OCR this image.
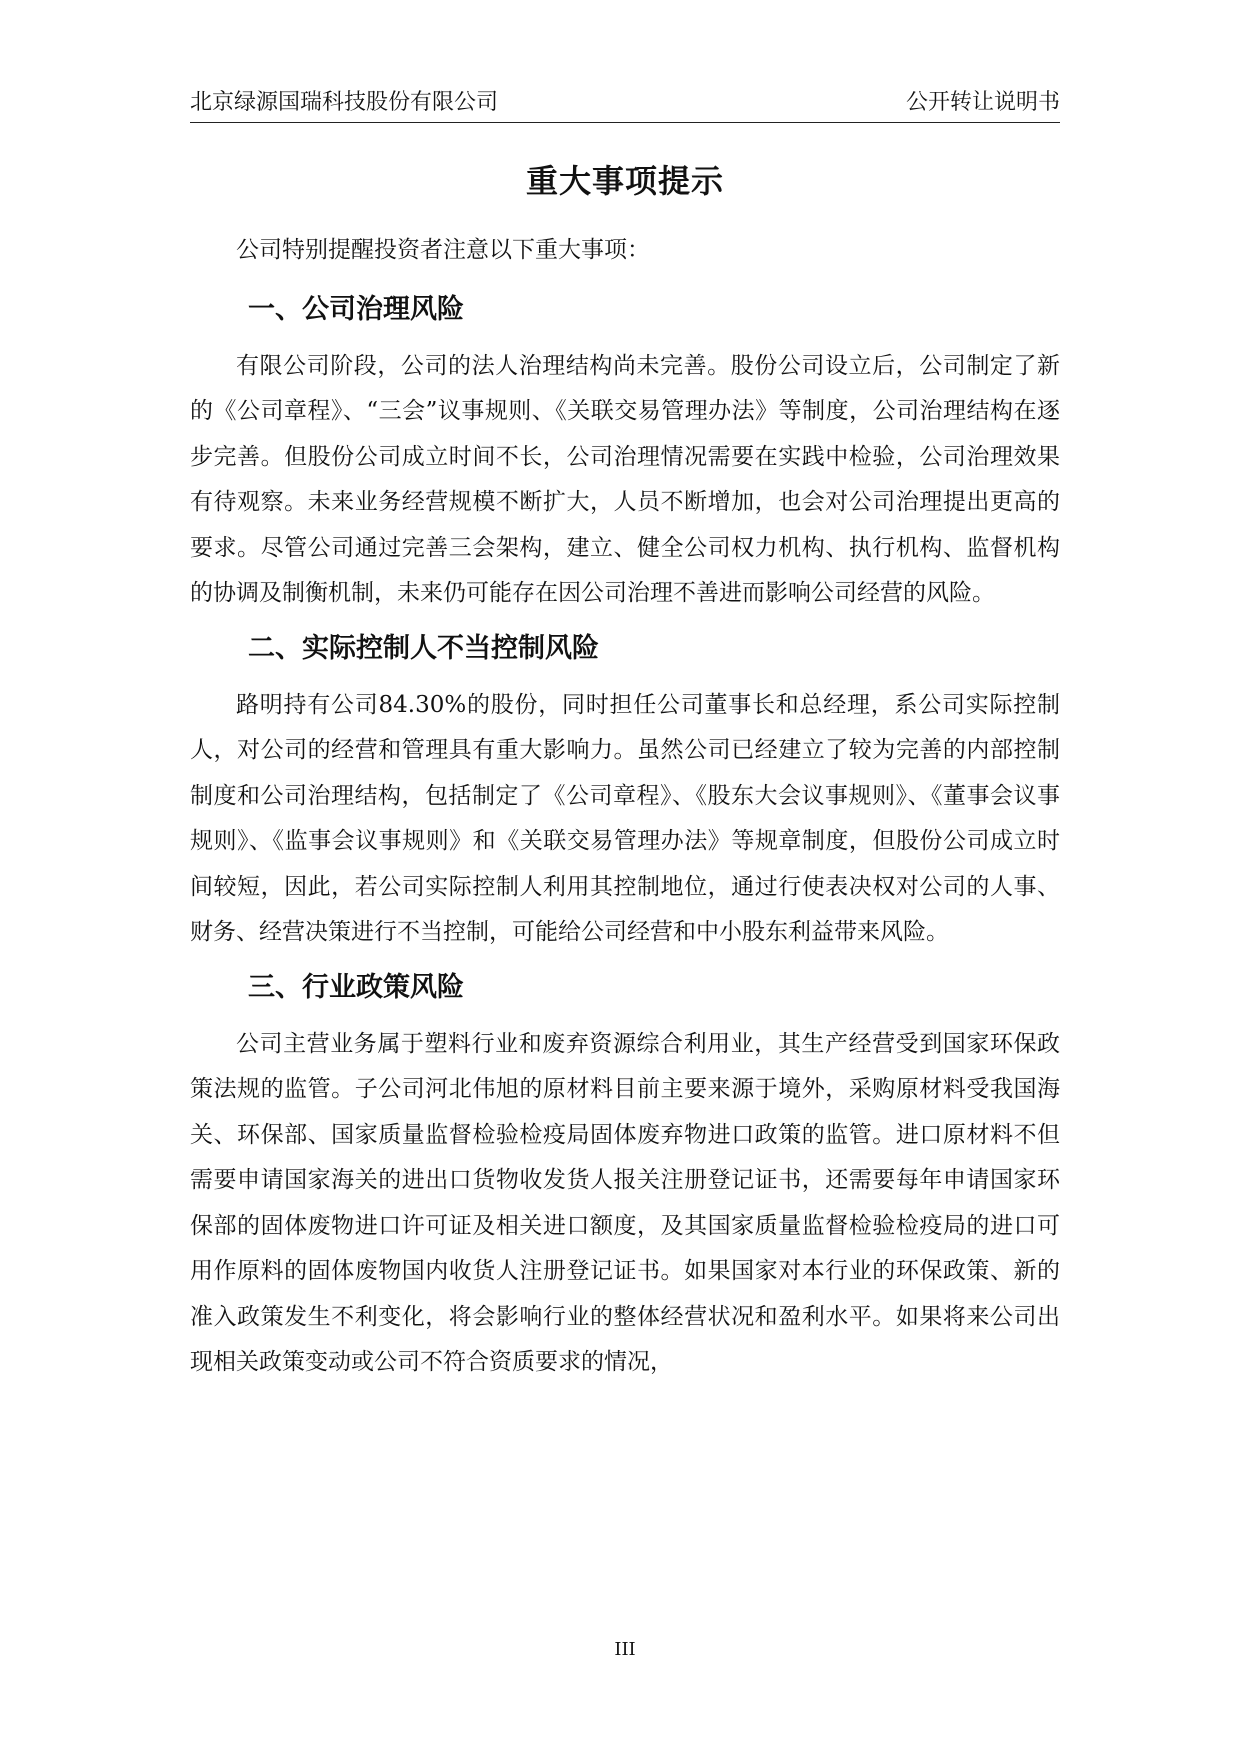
北京绿源国瑞科技股份有限公司	公开转让说明书
重大事项提示

公司特别提醒投资者注意以下重大事项：

一、公司治理风险

有限公司阶段，公司的法人治理结构尚未完善。股份公司设立后，公司制定了新的《公司章程》、“三会”议事规则、《关联交易管理办法》等制度，公司治理结构在逐步完善。但股份公司成立时间不长，公司治理情况需要在实践中检验，公司治理效果有待观察。未来业务经营规模不断扩大，人员不断增加，也会对公司治理提出更高的要求。尽管公司通过完善三会架构，建立、健全公司权力机构、执行机构、监督机构的协调及制衡机制，未来仍可能存在因公司治理不善进而影响公司经营的风险。

二、实际控制人不当控制风险

路明持有公司84.30%的股份，同时担任公司董事长和总经理，系公司实际控制人，对公司的经营和管理具有重大影响力。虽然公司已经建立了较为完善的内部控制制度和公司治理结构，包括制定了《公司章程》、《股东大会议事规则》、《董事会议事规则》、《监事会议事规则》和《关联交易管理办法》等规章制度，但股份公司成立时间较短，因此，若公司实际控制人利用其控制地位，通过行使表决权对公司的人事、财务、经营决策进行不当控制，可能给公司经营和中小股东利益带来风险。

三、行业政策风险

公司主营业务属于塑料行业和废弃资源综合利用业，其生产经营受到国家环保政策法规的监管。子公司河北伟旭的原材料目前主要来源于境外，采购原材料受我国海关、环保部、国家质量监督检验检疫局固体废弃物进口政策的监管。进口原材料不但需要申请国家海关的进出口货物收发货人报关注册登记证书，还需要每年申请国家环保部的固体废物进口许可证及相关进口额度，及其国家质量监督检验检疫局的进口可用作原料的固体废物国内收货人注册登记证书。如果国家对本行业的环保政策、新的准入政策发生不利变化，将会影响行业的整体经营状况和盈利水平。如果将来公司出现相关政策变动或公司不符合资质要求的情况，

III
